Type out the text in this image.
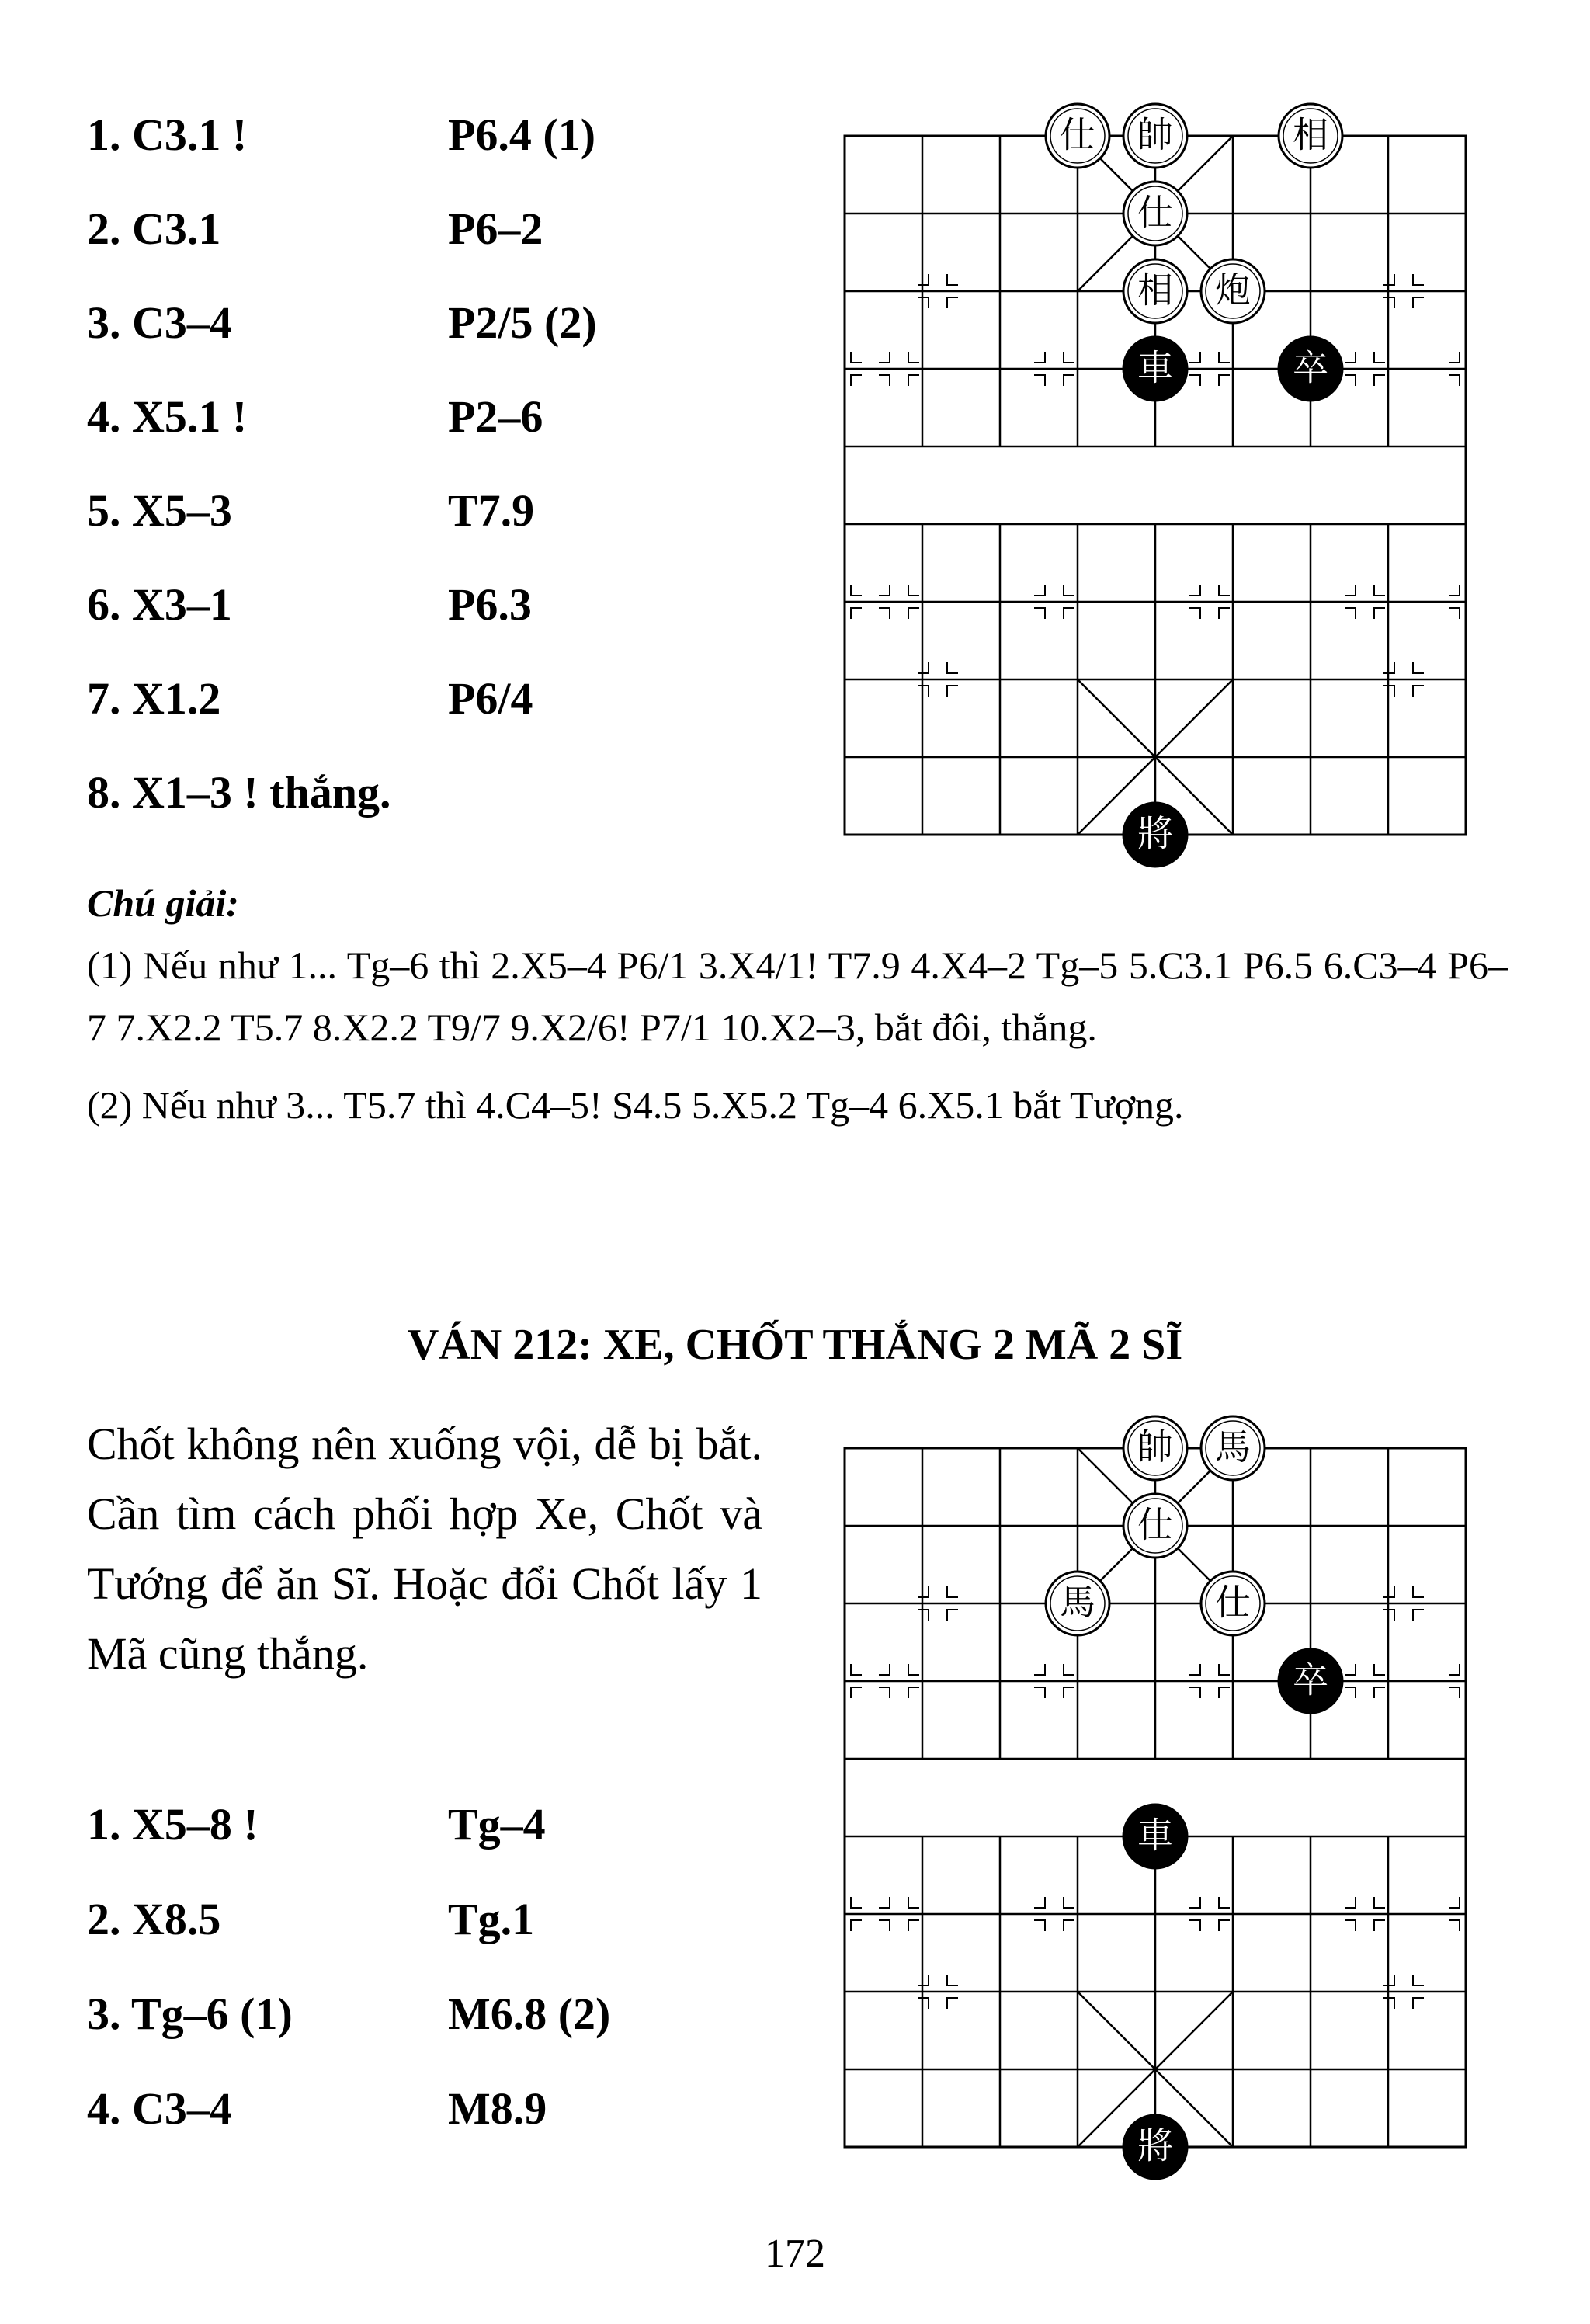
1. C3.1 !	P6.4 (1)
2. C3.1	P6–2
3. C3–4	P2/5 (2)
4. X5.1 !	P2–6
5. X5–3	T7.9
6. X3–1	P6.3
7. X1.2	P6/4
8. X1–3 ! thắng.
仕 帥	相
仕
相 炮
車	卒
將
Chú giải:
(1) Nếu như 1... Tg–6 thì 2.X5–4 P6/1 3.X4/1! T7.9 4.X4–2 Tg–5 5.C3.1 P6.5 6.C3–4 P6–7 7.X2.2 T5.7 8.X2.2 T9/7 9.X2/6! P7/1 10.X2–3, bắt đôi, thắng.
(2) Nếu như 3... T5.7 thì 4.C4–5! S4.5 5.X5.2 Tg–4 6.X5.1 bắt Tượng.
VÁN 212: XE, CHỐT THẮNG 2 MÃ 2 SĨ
Chốt không nên xuống vội, dễ bị bắt. Cần tìm cách phối hợp Xe, Chốt và Tướng để ăn Sĩ. Hoặc đổi Chốt lấy 1 Mã cũng thắng.
1. X5–8 !	Tg–4
2. X8.5	Tg.1
3. Tg–6 (1)	M6.8 (2)
4. C3–4	M8.9
帥 馬
仕
馬	仕
卒
車
將
172
